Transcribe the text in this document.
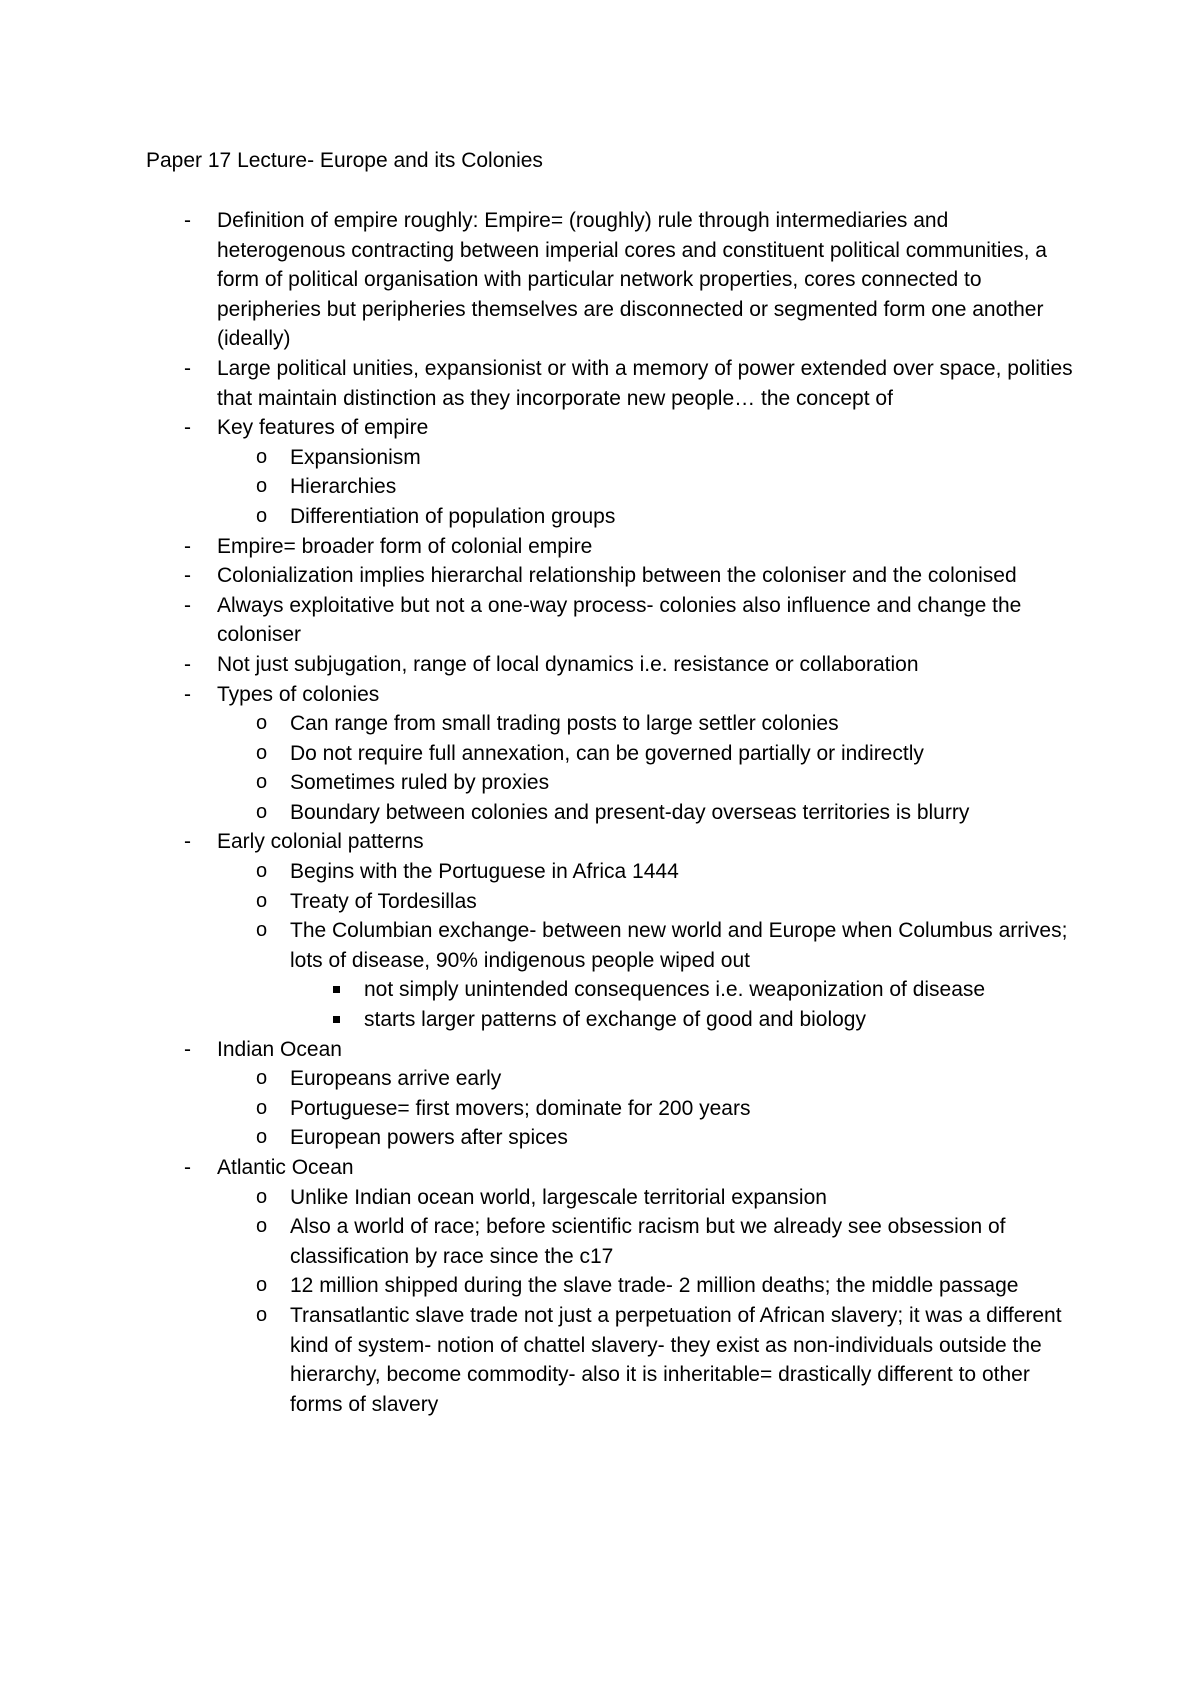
Paper 17 Lecture- Europe and its Colonies
- Definition of empire roughly: Empire= (roughly) rule through intermediaries and heterogenous contracting between imperial cores and constituent political communities, a form of political organisation with particular network properties, cores connected to peripheries but peripheries themselves are disconnected or segmented form one another (ideally)
- Large political unities, expansionist or with a memory of power extended over space, polities that maintain distinction as they incorporate new people… the concept of
- Key features of empire
o Expansionism
o Hierarchies
o Differentiation of population groups
- Empire= broader form of colonial empire
- Colonialization implies hierarchal relationship between the coloniser and the colonised
- Always exploitative but not a one-way process- colonies also influence and change the coloniser
- Not just subjugation, range of local dynamics i.e. resistance or collaboration
- Types of colonies
o Can range from small trading posts to large settler colonies
o Do not require full annexation, can be governed partially or indirectly
o Sometimes ruled by proxies
o Boundary between colonies and present-day overseas territories is blurry
- Early colonial patterns
o Begins with the Portuguese in Africa 1444
o Treaty of Tordesillas
o The Columbian exchange- between new world and Europe when Columbus arrives; lots of disease, 90% indigenous people wiped out
not simply unintended consequences i.e. weaponization of disease
starts larger patterns of exchange of good and biology
- Indian Ocean
o Europeans arrive early
o Portuguese= first movers; dominate for 200 years
o European powers after spices
- Atlantic Ocean
o Unlike Indian ocean world, largescale territorial expansion
o Also a world of race; before scientific racism but we already see obsession of classification by race since the c17
o 12 million shipped during the slave trade- 2 million deaths; the middle passage
o Transatlantic slave trade not just a perpetuation of African slavery; it was a different kind of system- notion of chattel slavery- they exist as non-individuals outside the hierarchy, become commodity- also it is inheritable= drastically different to other forms of slavery
